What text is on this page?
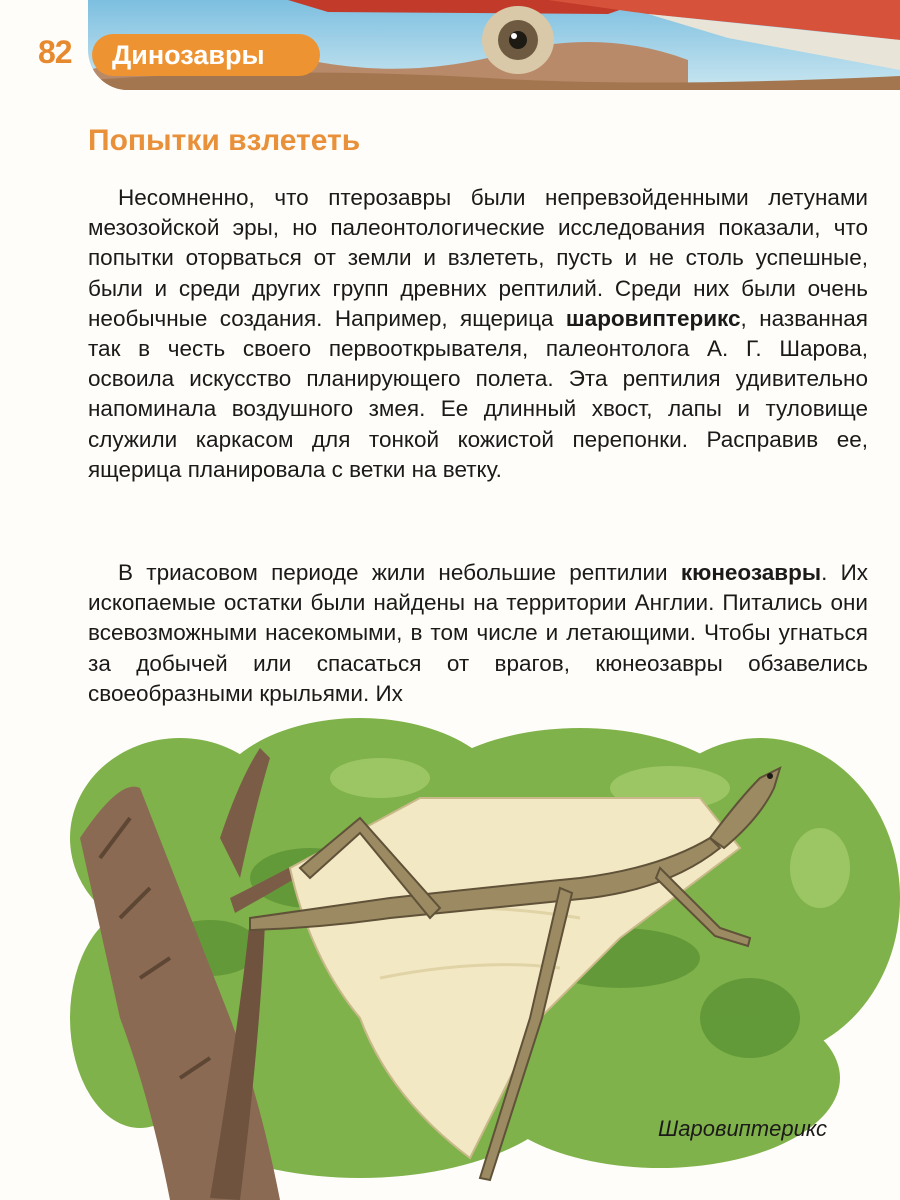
82	Динозавры
Попытки взлететь

Несомненно, что птерозавры были непревзойденными летунами мезозойской эры, но палеонтологические исследования показали, что попытки оторваться от земли и взлететь, пусть и не столь успешные, были и среди других групп древних рептилий. Среди них были очень необычные создания. Например, ящерица шаровиптерикс, названная так в честь своего первооткрывателя, палеонтолога А. Г. Шарова, освоила искусство планирующего полета. Эта рептилия удивительно напоминала воздушного змея. Ее длинный хвост, лапы и туловище служили каркасом для тонкой кожистой перепонки. Расправив ее, ящерица планировала с ветки на ветку.

В триасовом периоде жили небольшие рептилии кюнеозавры. Их ископаемые остатки были найдены на территории Англии. Питались они всевозможными насекомыми, в том числе и летающими. Чтобы угнаться за добычей или спасаться от врагов, кюнеозавры обзавелись своеобразными крыльями. Их

Шаровиптерикс
